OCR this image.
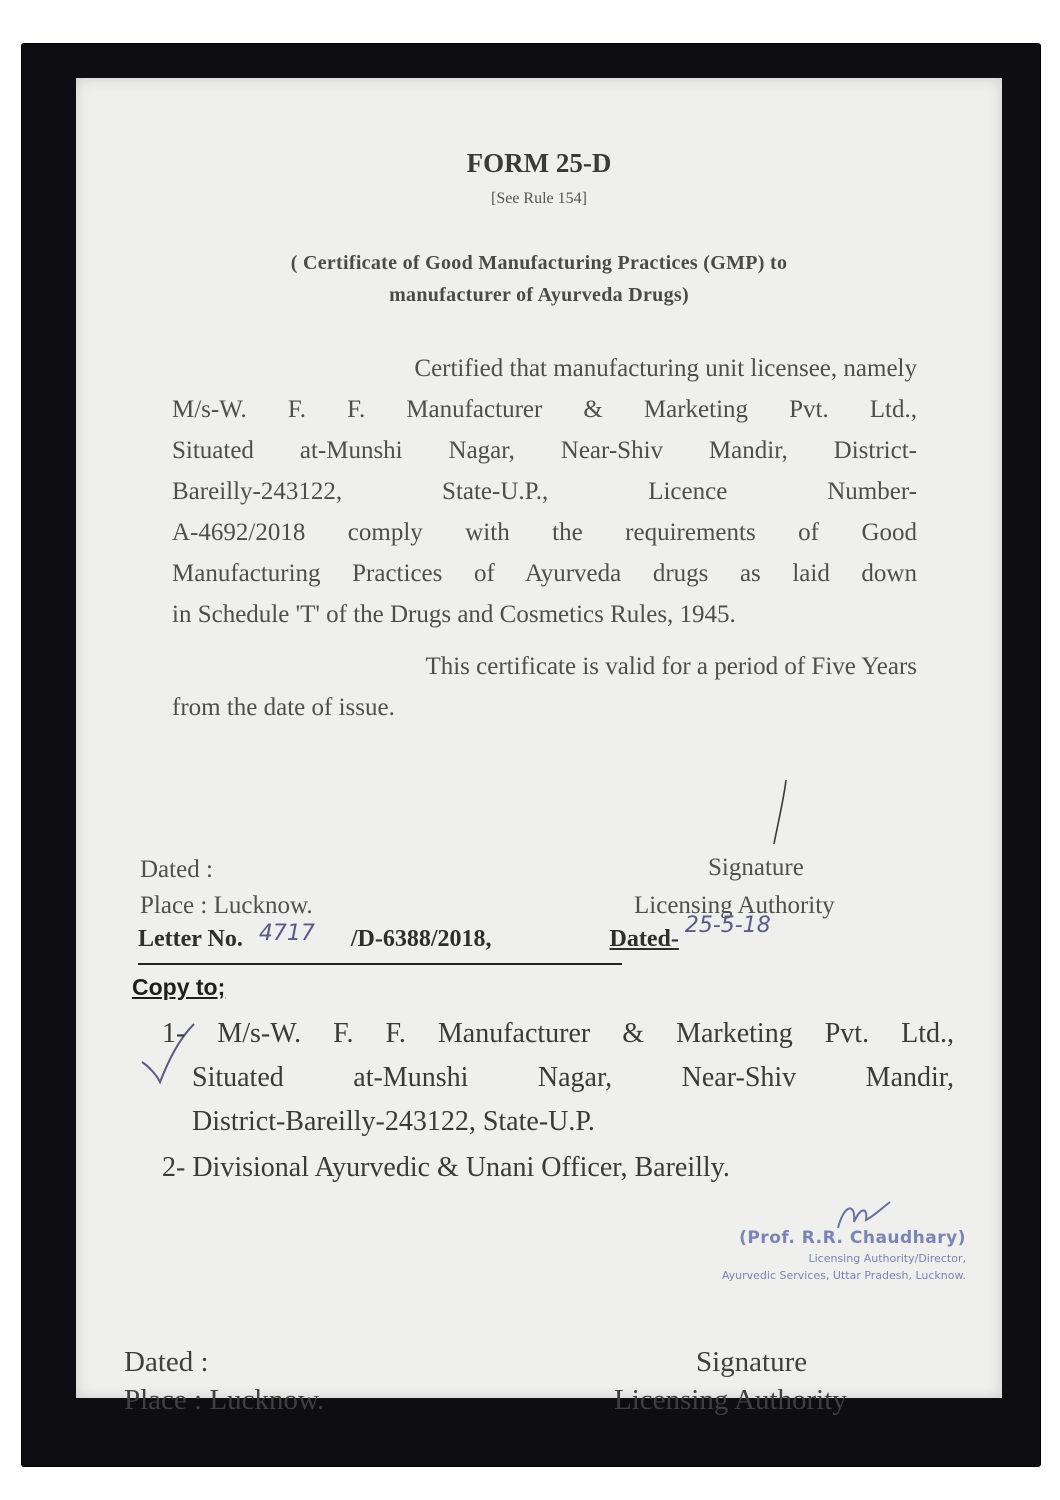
FORM 25-D
[See Rule 154]
( Certificate of Good Manufacturing Practices (GMP) to
manufacturer of Ayurveda Drugs)
Certified that manufacturing unit licensee, namely
M/s-W. F. F. Manufacturer & Marketing Pvt. Ltd.,
Situated at-Munshi Nagar, Near-Shiv Mandir, District-
Bareilly-243122, State-U.P., Licence Number-
A-4692/2018 comply with the requirements of Good
Manufacturing Practices of Ayurveda drugs as laid down
in Schedule 'T' of the Drugs and Cosmetics Rules, 1945.
This certificate is valid for a period of Five Years
from the date of issue.
Dated :
Place : Lucknow.
Signature
Licensing Authority
Letter No. 4717 /D-6388/2018,	Dated- 25-5-18
Copy to;
1- M/s-W. F. F. Manufacturer & Marketing Pvt. Ltd.,
Situated at-Munshi Nagar, Near-Shiv Mandir,
District-Bareilly-243122, State-U.P.
2- Divisional Ayurvedic & Unani Officer, Bareilly.
(Prof. R.R. Chaudhary)
Licensing Authority/Director,
Ayurvedic Services, Uttar Pradesh, Lucknow.
Dated :
Place : Lucknow.
Signature
Licensing Authority
